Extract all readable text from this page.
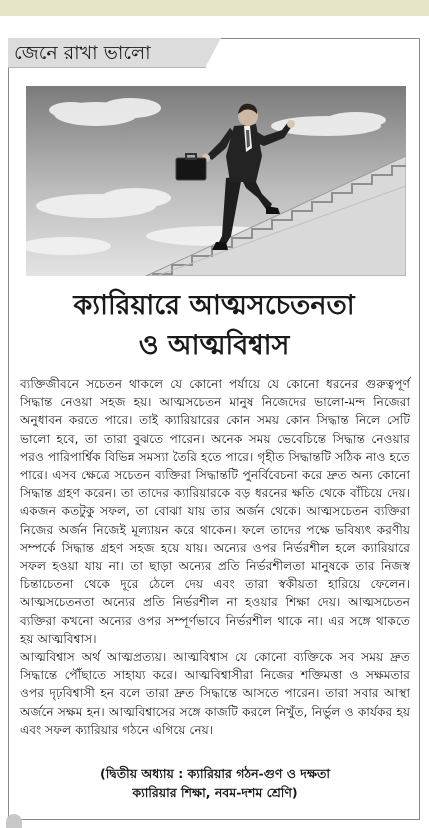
জেনে রাখা ভালো
ক্যারিয়ারে আত্মসচেতনতা
ও আত্মবিশ্বাস

ব্যক্তিজীবনে সচেতন থাকলে যে কোনো পর্যায়ে যে কোনো ধরনের গুরুত্বপূর্ণ সিদ্ধান্ত নেওয়া সহজ হয়। আত্মসচেতন মানুষ নিজেদের ভালো-মন্দ নিজেরা অনুধাবন করতে পারে। তাই ক্যারিয়ারের কোন সময় কোন সিদ্ধান্ত নিলে সেটি ভালো হবে, তা তারা বুঝতে পারেন। অনেক সময় ভেবেচিন্তে সিদ্ধান্ত নেওয়ার পরও পারিপার্শ্বিক বিভিন্ন সমস্যা তৈরি হতে পারে। গৃহীত সিদ্ধান্তটি সঠিক নাও হতে পারে। এসব ক্ষেত্রে সচেতন ব্যক্তিরা সিদ্ধান্তটি পুনর্বিবেচনা করে দ্রুত অন্য কোনো সিদ্ধান্ত গ্রহণ করেন। তা তাদের ক্যারিয়ারকে বড় ধরনের ক্ষতি থেকে বাঁচিয়ে দেয়। একজন কতটুকু সফল, তা বোঝা যায় তার অর্জন থেকে। আত্মসচেতন ব্যক্তিরা নিজের অর্জন নিজেই মূল্যায়ন করে থাকেন। ফলে তাদের পক্ষে ভবিষ্যৎ করণীয় সম্পর্কে সিদ্ধান্ত গ্রহণ সহজ হয়ে যায়। অন্যের ওপর নির্ভরশীল হলে ক্যারিয়ারে সফল হওয়া যায় না। তা ছাড়া অন্যের প্রতি নির্ভরশীলতা মানুষকে তার নিজস্ব চিন্তাচেতনা থেকে দূরে ঠেলে দেয় এবং তারা স্বকীয়তা হারিয়ে ফেলেন। আত্মসচেতনতা অন্যের প্রতি নির্ভরশীল না হওয়ার শিক্ষা দেয়। আত্মসচেতন ব্যক্তিরা কখনো অন্যের ওপর সম্পূর্ণভাবে নির্ভরশীল থাকে না। এর সঙ্গে থাকতে হয় আত্মবিশ্বাস।

আত্মবিশ্বাস অর্থ আত্মপ্রত্যয়। আত্মবিশ্বাস যে কোনো ব্যক্তিকে সব সময় দ্রুত সিদ্ধান্তে পৌঁছাতে সাহায্য করে। আত্মবিশ্বাসীরা নিজের শক্তিমত্তা ও সক্ষমতার ওপর দৃঢ়বিশ্বাসী হন বলে তারা দ্রুত সিদ্ধান্তে আসতে পারেন। তারা সবার আস্থা অর্জনে সক্ষম হন। আত্মবিশ্বাসের সঙ্গে কাজটি করলে নিখুঁত, নির্ভুল ও কার্যকর হয় এবং সফল ক্যারিয়ার গঠনে এগিয়ে নেয়।

(দ্বিতীয় অধ্যায় : ক্যারিয়ার গঠন-গুণ ও দক্ষতা
ক্যারিয়ার শিক্ষা, নবম-দশম শ্রেণি)
